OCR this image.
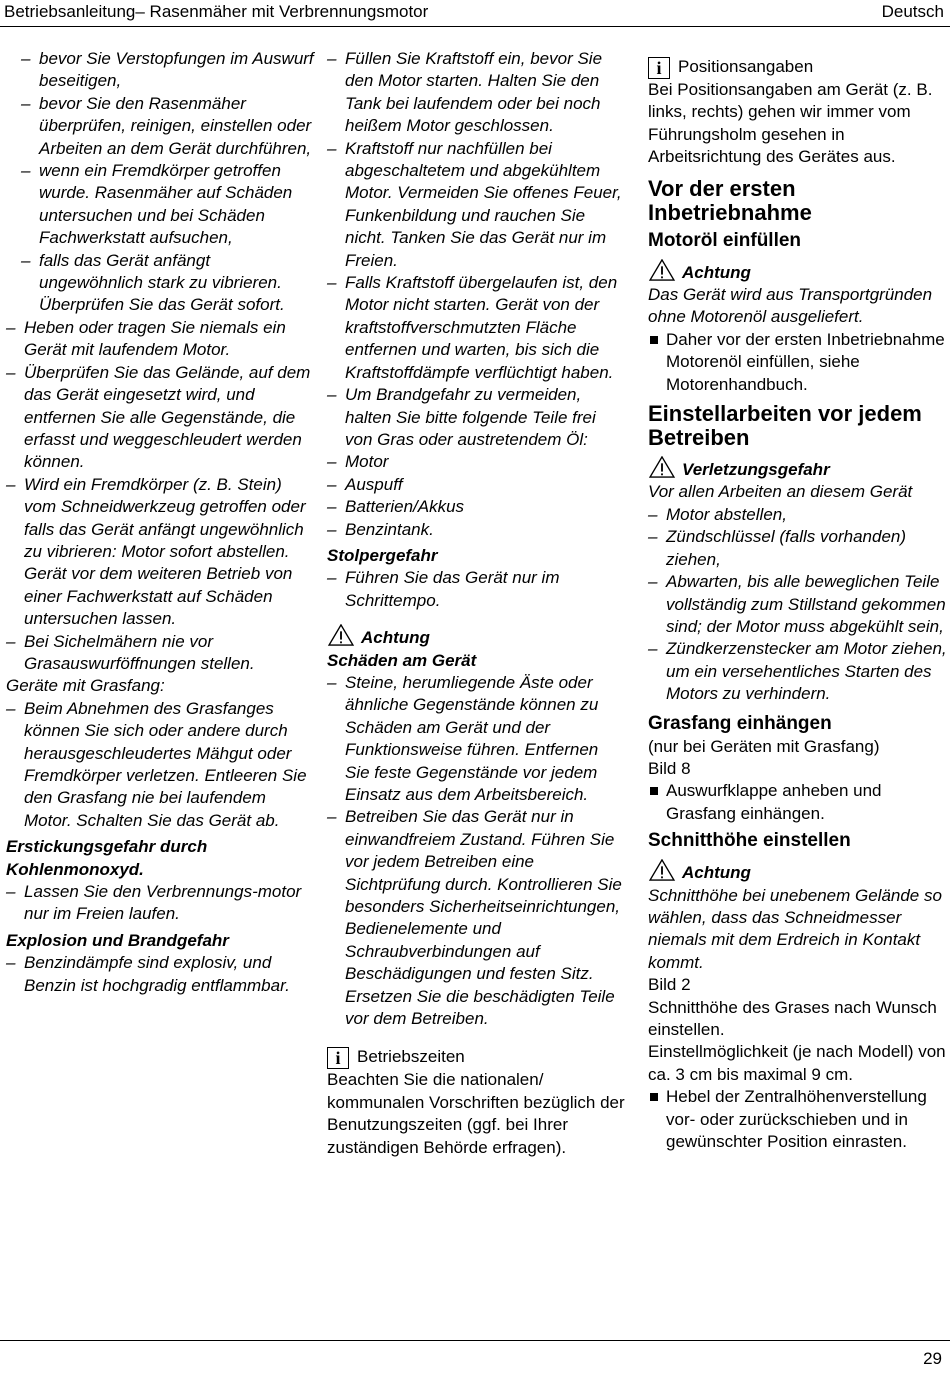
Betriebsanleitung– Rasenmäher mit Verbrennungsmotor	Deutsch
– bevor Sie Verstopfungen im Auswurf beseitigen,
– bevor Sie den Rasenmäher überprüfen, reinigen, einstellen oder Arbeiten an dem Gerät durchführen,
– wenn ein Fremdkörper getroffen wurde. Rasenmäher auf Schäden untersuchen und bei Schäden Fachwerkstatt aufsuchen,
– falls das Gerät anfängt ungewöhnlich stark zu vibrieren. Überprüfen Sie das Gerät sofort.
– Heben oder tragen Sie niemals ein Gerät mit laufendem Motor.
– Überprüfen Sie das Gelände, auf dem das Gerät eingesetzt wird, und entfernen Sie alle Gegenstände, die erfasst und weggeschleudert werden können.
– Wird ein Fremdkörper (z. B. Stein) vom Schneidwerkzeug getroffen oder falls das Gerät anfängt ungewöhnlich zu vibrieren: Motor sofort abstellen.
Gerät vor dem weiteren Betrieb von einer Fachwerkstatt auf Schäden untersuchen lassen.
– Bei Sichelmähern nie vor Grasauswurföffnungen stellen.
Geräte mit Grasfang:
– Beim Abnehmen des Grasfanges können Sie sich oder andere durch herausgeschleudertes Mähgut oder Fremdkörper verletzen. Entleeren Sie den Grasfang nie bei laufendem Motor. Schalten Sie das Gerät ab.
Erstickungsgefahr durch Kohlenmonoxyd.
– Lassen Sie den Verbrennungs-motor nur im Freien laufen.
Explosion und Brandgefahr
– Benzindämpfe sind explosiv, und Benzin ist hochgradig entflammbar.
– Füllen Sie Kraftstoff ein, bevor Sie den Motor starten. Halten Sie den Tank bei laufendem oder bei noch heißem Motor geschlossen.
– Kraftstoff nur nachfüllen bei abgeschaltetem und abgekühltem Motor. Vermeiden Sie offenes Feuer, Funkenbildung und rauchen Sie nicht. Tanken Sie das Gerät nur im Freien.
– Falls Kraftstoff übergelaufen ist, den Motor nicht starten. Gerät von der kraftstoffverschmutzten Fläche entfernen und warten, bis sich die Kraftstoffdämpfe verflüchtigt haben.
– Um Brandgefahr zu vermeiden, halten Sie bitte folgende Teile frei von Gras oder austretendem Öl:
– Motor
– Auspuff
– Batterien/Akkus
– Benzintank.
Stolpergefahr
– Führen Sie das Gerät nur im Schrittempo.
Achtung
Schäden am Gerät
– Steine, herumliegende Äste oder ähnliche Gegenstände können zu Schäden am Gerät und der Funktionsweise führen. Entfernen Sie feste Gegenstände vor jedem Einsatz aus dem Arbeitsbereich.
– Betreiben Sie das Gerät nur in einwandfreiem Zustand. Führen Sie vor jedem Betreiben eine Sichtprüfung durch. Kontrollieren Sie besonders Sicherheitseinrichtungen, Bedienelemente und Schraubverbindungen auf Beschädigungen und festen Sitz. Ersetzen Sie die beschädigten Teile vor dem Betreiben.
i Betriebszeiten
Beachten Sie die nationalen/ kommunalen Vorschriften bezüglich der Benutzungszeiten (ggf. bei Ihrer zuständigen Behörde erfragen).
i Positionsangaben
Bei Positionsangaben am Gerät (z. B. links, rechts) gehen wir immer vom Führungsholm gesehen in Arbeitsrichtung des Gerätes aus.
Vor der ersten Inbetriebnahme
Motoröl einfüllen
Achtung
Das Gerät wird aus Transportgründen ohne Motorenöl ausgeliefert.
Daher vor der ersten Inbetriebnahme Motorenöl einfüllen, siehe Motorenhandbuch.
Einstellarbeiten vor jedem Betreiben
Verletzungsgefahr
Vor allen Arbeiten an diesem Gerät
– Motor abstellen,
– Zündschlüssel (falls vorhanden) ziehen,
– Abwarten, bis alle beweglichen Teile vollständig zum Stillstand gekommen sind; der Motor muss abgekühlt sein,
– Zündkerzenstecker am Motor ziehen, um ein versehentliches Starten des Motors zu verhindern.
Grasfang einhängen
(nur bei Geräten mit Grasfang)
Bild 8
Auswurfklappe anheben und Grasfang einhängen.
Schnitthöhe einstellen
Achtung
Schnitthöhe bei unebenem Gelände so wählen, dass das Schneidmesser niemals mit dem Erdreich in Kontakt kommt.
Bild 2
Schnitthöhe des Grases nach Wunsch einstellen.
Einstellmöglichkeit (je nach Modell) von ca. 3 cm bis maximal 9 cm.
Hebel der Zentralhöhenverstellung vor- oder zurückschieben und in gewünschter Position einrasten.
29
